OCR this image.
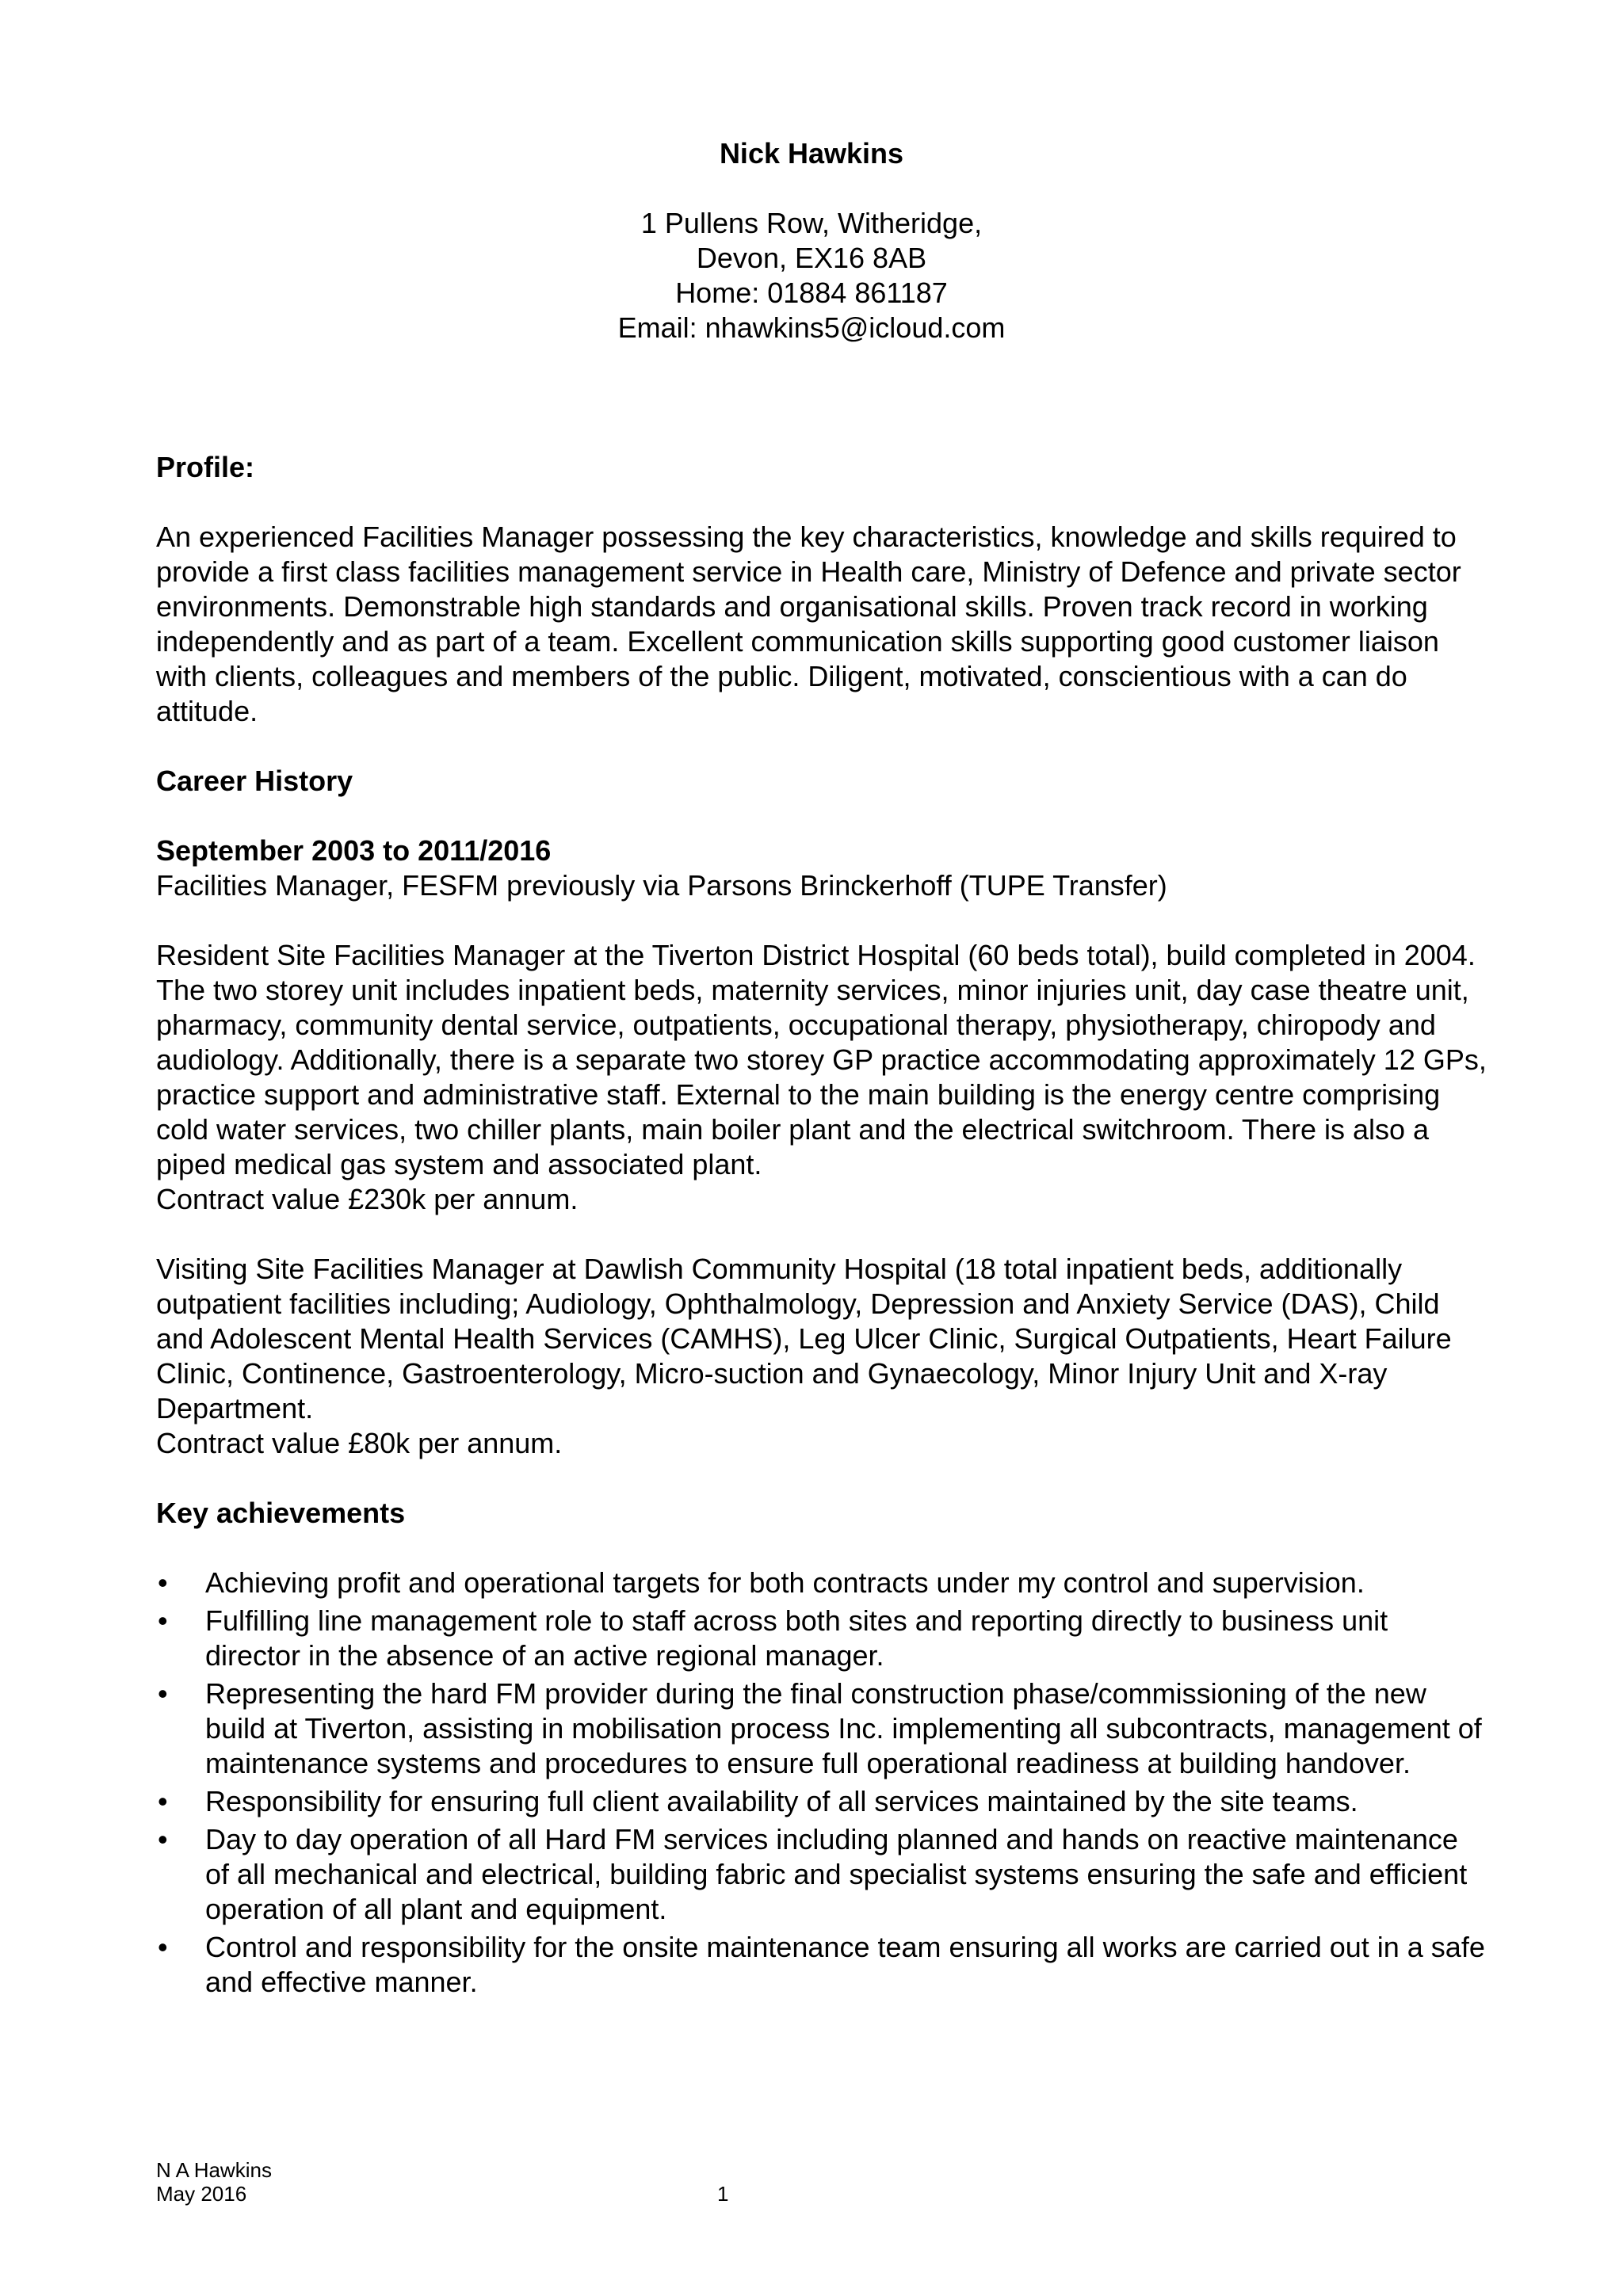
Nick Hawkins
1 Pullens Row, Witheridge,
Devon, EX16 8AB
Home: 01884 861187
Email: nhawkins5@icloud.com
Profile:
An experienced Facilities Manager possessing the key characteristics, knowledge and skills required to provide a first class facilities management service in Health care, Ministry of Defence and private sector environments. Demonstrable high standards and organisational skills. Proven track record in working independently and as part of a team. Excellent communication skills supporting good customer liaison with clients, colleagues and members of the public. Diligent, motivated, conscientious with a can do attitude.
Career History
September 2003 to 2011/2016
Facilities Manager, FESFM previously via Parsons Brinckerhoff (TUPE Transfer)
Resident Site Facilities Manager at the Tiverton District Hospital (60 beds total), build completed in 2004. The two storey unit includes inpatient beds, maternity services, minor injuries unit, day case theatre unit, pharmacy, community dental service, outpatients, occupational therapy, physiotherapy, chiropody and audiology. Additionally, there is a separate two storey GP practice accommodating approximately 12 GPs, practice support and administrative staff. External to the main building is the energy centre comprising cold water services, two chiller plants, main boiler plant and the electrical switchroom. There is also a piped medical gas system and associated plant.
Contract value £230k per annum.
Visiting Site Facilities Manager at Dawlish Community Hospital (18 total inpatient beds, additionally outpatient facilities including; Audiology, Ophthalmology, Depression and Anxiety Service (DAS), Child and Adolescent Mental Health Services (CAMHS), Leg Ulcer Clinic, Surgical Outpatients, Heart Failure Clinic, Continence, Gastroenterology, Micro-suction and Gynaecology, Minor Injury Unit and X-ray Department.
Contract value £80k per annum.
Key achievements
• Achieving profit and operational targets for both contracts under my control and supervision.
• Fulfilling line management role to staff across both sites and reporting directly to business unit director in the absence of an active regional manager.
• Representing the hard FM provider during the final construction phase/commissioning of the new build at Tiverton, assisting in mobilisation process Inc. implementing all subcontracts, management of maintenance systems and procedures to ensure full operational readiness at building handover.
• Responsibility for ensuring full client availability of all services maintained by the site teams.
• Day to day operation of all Hard FM services including planned and hands on reactive maintenance of all mechanical and electrical, building fabric and specialist systems ensuring the safe and efficient operation of all plant and equipment.
• Control and responsibility for the onsite maintenance team ensuring all works are carried out in a safe and effective manner.
N A Hawkins
May 2016	1
